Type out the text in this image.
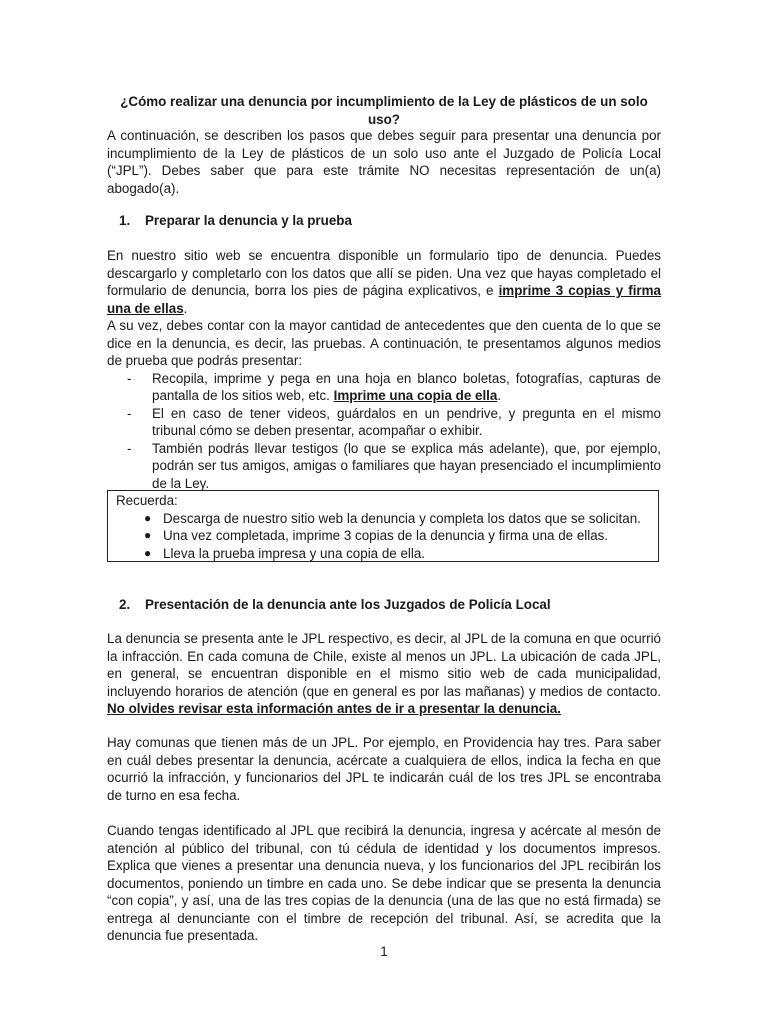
¿Cómo realizar una denuncia por incumplimiento de la Ley de plásticos de un solo uso?

A continuación, se describen los pasos que debes seguir para presentar una denuncia por incumplimiento de la Ley de plásticos de un solo uso ante el Juzgado de Policía Local (“JPL”). Debes saber que para este trámite NO necesitas representación de un(a) abogado(a).

1. Preparar la denuncia y la prueba

En nuestro sitio web se encuentra disponible un formulario tipo de denuncia. Puedes descargarlo y completarlo con los datos que allí se piden. Una vez que hayas completado el formulario de denuncia, borra los pies de página explicativos, e imprime 3 copias y firma una de ellas.

A su vez, debes contar con la mayor cantidad de antecedentes que den cuenta de lo que se dice en la denuncia, es decir, las pruebas. A continuación, te presentamos algunos medios de prueba que podrás presentar:

- Recopila, imprime y pega en una hoja en blanco boletas, fotografías, capturas de pantalla de los sitios web, etc. Imprime una copia de ella.
- El en caso de tener videos, guárdalos en un pendrive, y pregunta en el mismo tribunal cómo se deben presentar, acompañar o exhibir.
- También podrás llevar testigos (lo que se explica más adelante), que, por ejemplo, podrán ser tus amigos, amigas o familiares que hayan presenciado el incumplimiento de la Ley.
Recuerda:
● Descarga de nuestro sitio web la denuncia y completa los datos que se solicitan.
● Una vez completada, imprime 3 copias de la denuncia y firma una de ellas.
● Lleva la prueba impresa y una copia de ella.
2. Presentación de la denuncia ante los Juzgados de Policía Local

La denuncia se presenta ante le JPL respectivo, es decir, al JPL de la comuna en que ocurrió la infracción. En cada comuna de Chile, existe al menos un JPL. La ubicación de cada JPL, en general, se encuentran disponible en el mismo sitio web de cada municipalidad, incluyendo horarios de atención (que en general es por las mañanas) y medios de contacto. No olvides revisar esta información antes de ir a presentar la denuncia.

Hay comunas que tienen más de un JPL. Por ejemplo, en Providencia hay tres. Para saber en cuál debes presentar la denuncia, acércate a cualquiera de ellos, indica la fecha en que ocurrió la infracción, y funcionarios del JPL te indicarán cuál de los tres JPL se encontraba de turno en esa fecha.

Cuando tengas identificado al JPL que recibirá la denuncia, ingresa y acércate al mesón de atención al público del tribunal, con tú cédula de identidad y los documentos impresos. Explica que vienes a presentar una denuncia nueva, y los funcionarios del JPL recibirán los documentos, poniendo un timbre en cada uno. Se debe indicar que se presenta la denuncia “con copia”, y así, una de las tres copias de la denuncia (una de las que no está firmada) se entrega al denunciante con el timbre de recepción del tribunal. Así, se acredita que la denuncia fue presentada.

1
